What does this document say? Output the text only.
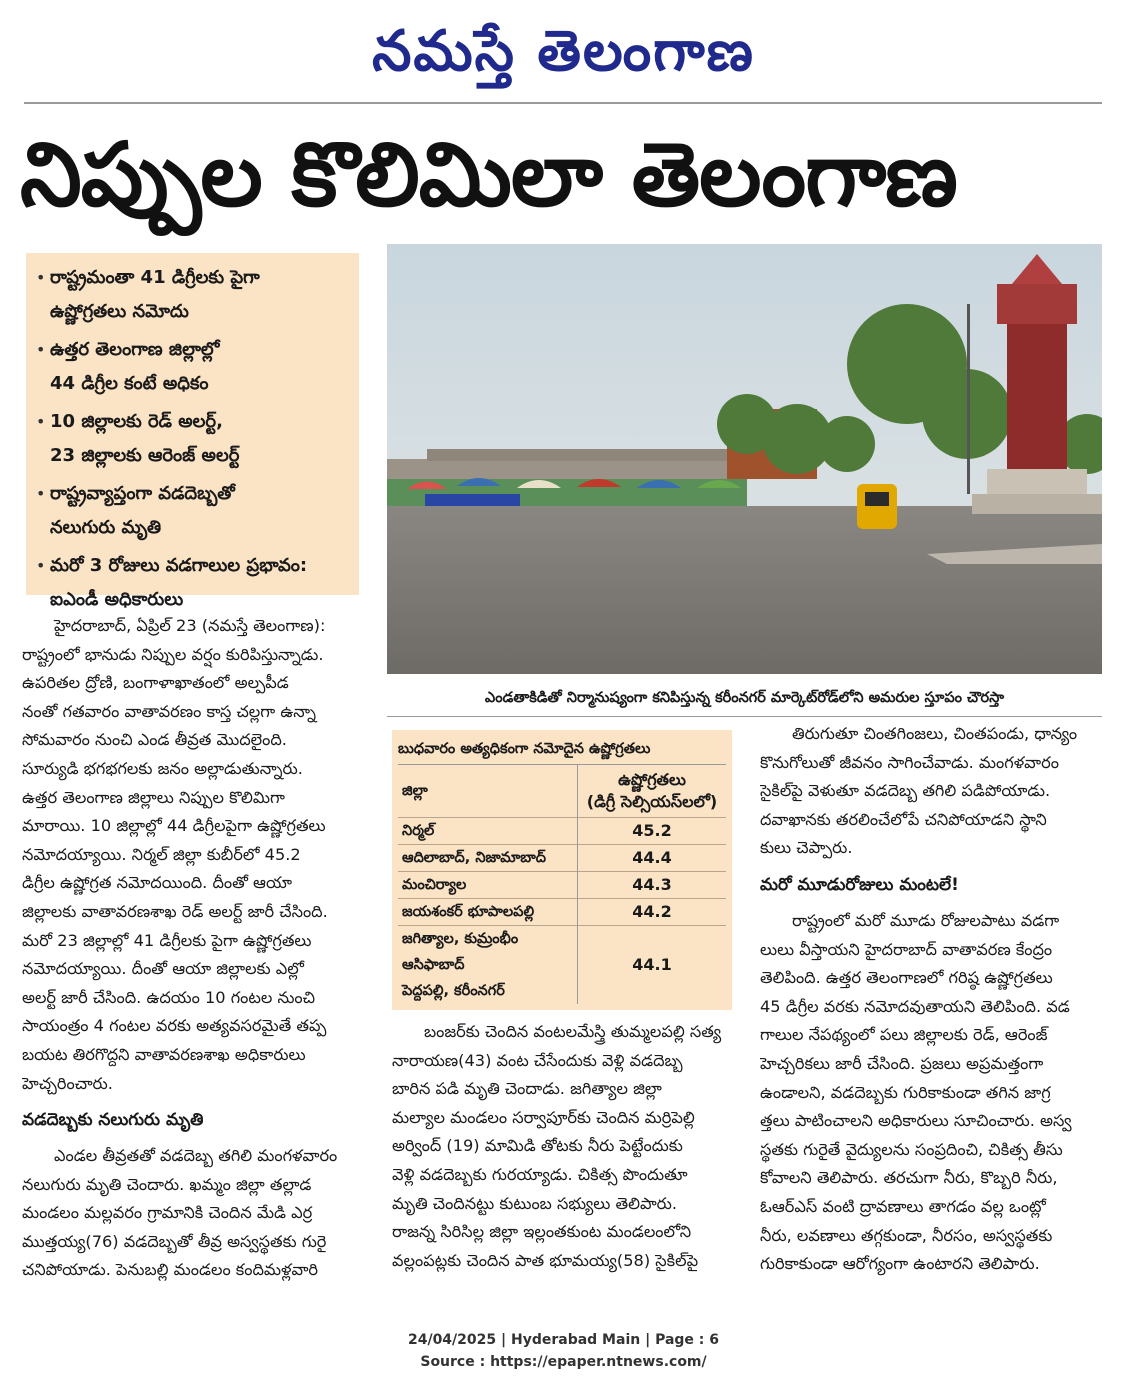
నమస్తే తెలంగాణ
నిప్పుల కొలిమిలా తెలంగాణ
• రాష్ట్రమంతా 41 డిగ్రీలకు పైగా
ఉష్ణోగ్రతలు నమోదు
• ఉత్తర తెలంగాణ జిల్లాల్లో
44 డిగ్రీల కంటే అధికం
• 10 జిల్లాలకు రెడ్ అలర్ట్,
23 జిల్లాలకు ఆరెంజ్ అలర్ట్
• రాష్ట్రవ్యాప్తంగా వడదెబ్బతో
నలుగురు మృతి
• మరో 3 రోజులు వడగాలుల ప్రభావం:
ఐఎండీ అధికారులు
ఎండతాకిడితో నిర్మానుష్యంగా కనిపిస్తున్న కరీంనగర్ మార్కెట్‌రోడ్‌లోని అమరుల స్తూపం చౌరస్తా
హైదరాబాద్, ఏప్రిల్ 23 (నమస్తే తెలంగాణ):
రాష్ట్రంలో భానుడు నిప్పుల వర్షం కురిపిస్తున్నాడు.
ఉపరితల ద్రోణి, బంగాళాఖాతంలో అల్పపీడ
నంతో గతవారం వాతావరణం కాస్త చల్లగా ఉన్నా
సోమవారం నుంచి ఎండ తీవ్రత మొదలైంది.
సూర్యుడి భగభగలకు జనం అల్లాడుతున్నారు.
ఉత్తర తెలంగాణ జిల్లాలు నిప్పుల కొలిమిగా
మారాయి. 10 జిల్లాల్లో 44 డిగ్రీలపైగా ఉష్ణోగ్రతలు
నమోదయ్యాయి. నిర్మల్ జిల్లా కుబీర్‌లో 45.2
డిగ్రీల ఉష్ణోగ్రత నమోదయింది. దీంతో ఆయా
జిల్లాలకు వాతావరణశాఖ రెడ్ అలర్ట్ జారీ చేసింది.
మరో 23 జిల్లాల్లో 41 డిగ్రీలకు పైగా ఉష్ణోగ్రతలు
నమోదయ్యాయి. దీంతో ఆయా జిల్లాలకు ఎల్లో
అలర్ట్ జారీ చేసింది. ఉదయం 10 గంటల నుంచి
సాయంత్రం 4 గంటల వరకు అత్యవసరమైతే తప్ప
బయట తిరగొద్దని వాతావరణశాఖ అధికారులు
హెచ్చరించారు.
వడదెబ్బకు నలుగురు మృతి
ఎండల తీవ్రతతో వడదెబ్బ తగిలి మంగళవారం
నలుగురు మృతి చెందారు. ఖమ్మం జిల్లా తల్లాడ
మండలం మల్లవరం గ్రామానికి చెందిన మేడి ఎర్ర
ముత్తయ్య(76) వడదెబ్బతో తీవ్ర అస్వస్థతకు గురై
చనిపోయాడు. పెనుబల్లి మండలం కందిమళ్లవారి
బుధవారం అత్యధికంగా నమోదైన ఉష్ణోగ్రతలు
జిల్లా	ఉష్ణోగ్రతలు
(డిగ్రీ సెల్సియస్‌లలో)

నిర్మల్	45.2

ఆదిలాబాద్, నిజామాబాద్	44.4

మంచిర్యాల	44.3

జయశంకర్ భూపాలపల్లి	44.2

జగిత్యాల, కుమ్రంభీం ఆసిఫాబాద్
పెద్దపల్లి, కరీంనగర్	44.1
బంజర్‌కు చెందిన వంటలమేస్త్రి తుమ్మలపల్లి సత్య
నారాయణ(43) వంట చేసేందుకు వెళ్లి వడదెబ్బ
బారిన పడి మృతి చెందాడు. జగిత్యాల జిల్లా
మల్యాల మండలం సర్వాపూర్‌కు చెందిన మర్రిపెల్లి
అర్వింద్ (19) మామిడి తోటకు నీరు పెట్టేందుకు
వెళ్లి వడదెబ్బకు గురయ్యాడు. చికిత్స పొందుతూ
మృతి చెందినట్టు కుటుంబ సభ్యులు తెలిపారు.
రాజన్న సిరిసిల్ల జిల్లా ఇల్లంతకుంట మండలంలోని
వల్లంపట్లకు చెందిన పాత భూమయ్య(58) సైకిల్‌పై
తిరుగుతూ చింతగింజలు, చింతపండు, ధాన్యం
కొనుగోలుతో జీవనం సాగించేవాడు. మంగళవారం
సైకిల్‌పై వెళుతూ వడదెబ్బ తగిలి పడిపోయాడు.
దవాఖానకు తరలించేలోపే చనిపోయాడని స్థాని
కులు చెప్పారు.
మరో మూడురోజులు మంటలే!
రాష్ట్రంలో మరో మూడు రోజులపాటు వడగా
లులు వీస్తాయని హైదరాబాద్ వాతావరణ కేంద్రం
తెలిపింది. ఉత్తర తెలంగాణలో గరిష్ఠ ఉష్ణోగ్రతలు
45 డిగ్రీల వరకు నమోదవుతాయని తెలిపింది. వడ
గాలుల నేపథ్యంలో పలు జిల్లాలకు రెడ్, ఆరెంజ్
హెచ్చరికలు జారీ చేసింది. ప్రజలు అప్రమత్తంగా
ఉండాలని, వడదెబ్బకు గురికాకుండా తగిన జాగ్ర
త్తలు పాటించాలని అధికారులు సూచించారు. అస్వ
స్థతకు గురైతే వైద్యులను సంప్రదించి, చికిత్స తీసు
కోవాలని తెలిపారు. తరచుగా నీరు, కొబ్బరి నీరు,
ఓఆర్ఎస్ వంటి ద్రావణాలు తాగడం వల్ల ఒంట్లో
నీరు, లవణాలు తగ్గకుండా, నీరసం, అస్వస్థతకు
గురికాకుండా ఆరోగ్యంగా ఉంటారని తెలిపారు.
24/04/2025 | Hyderabad Main | Page : 6
Source : https://epaper.ntnews.com/
